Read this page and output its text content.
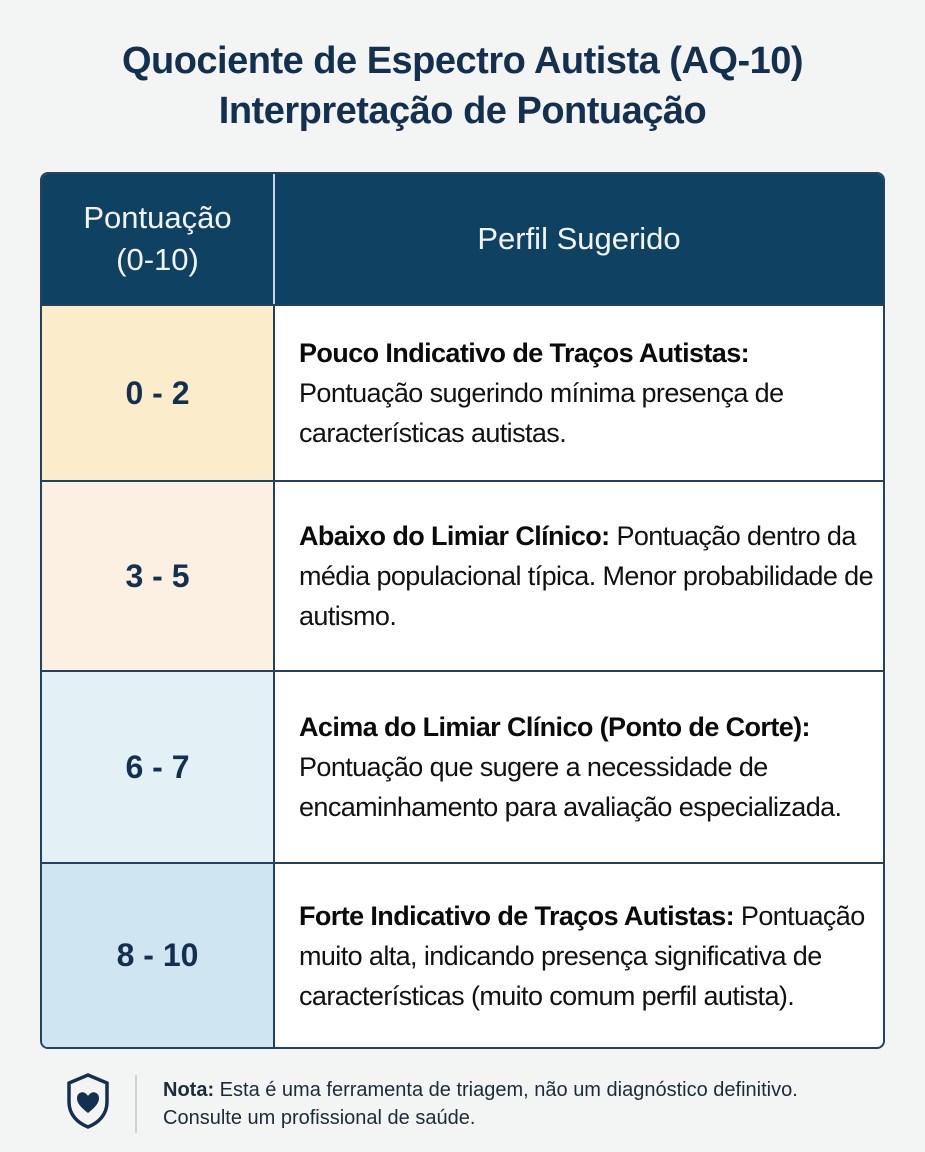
Quociente de Espectro Autista (AQ-10)
Interpretação de Pontuação
Pontuação
(0-10)
Perfil Sugerido
0 - 2
Pouco Indicativo de Traços Autistas: Pontuação sugerindo mínima presença de características autistas.
3 - 5
Abaixo do Limiar Clínico: Pontuação dentro da média populacional típica. Menor probabilidade de autismo.
6 - 7
Acima do Limiar Clínico (Ponto de Corte): Pontuação que sugere a necessidade de encaminhamento para avaliação especializada.
8 - 10
Forte Indicativo de Traços Autistas: Pontuação muito alta, indicando presença significativa de características (muito comum perfil autista).
Nota: Esta é uma ferramenta de triagem, não um diagnóstico definitivo. Consulte um profissional de saúde.
